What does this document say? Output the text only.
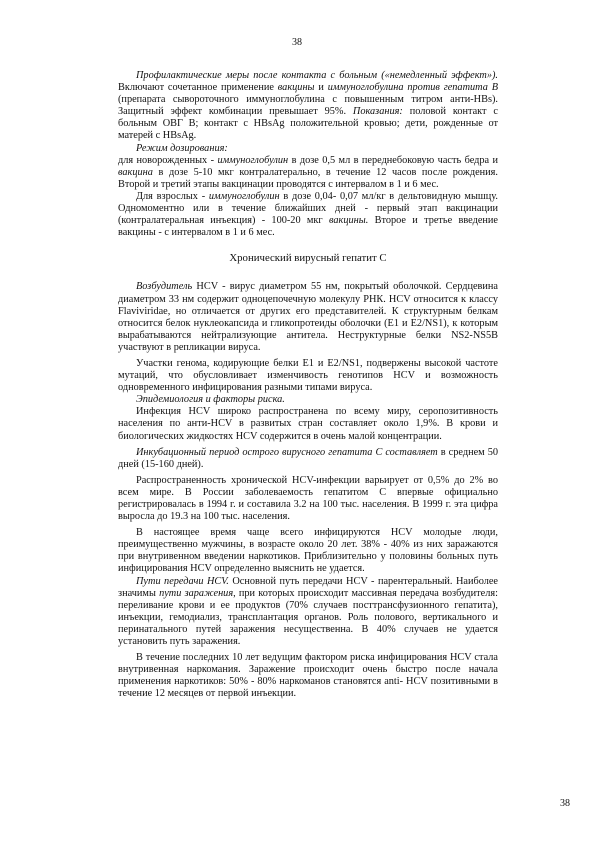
38

Профилактические меры после контакта с больным («немедленный эффект»). Включают сочетанное применение вакцины и иммуноглобулина против гепатита B (препарата сывороточного иммуноглобулина с повышенным титром анти-HBs). Защитный эффект комбинации превышает 95%. Показания: половой контакт с больным ОВГ В; контакт с HBsAg положительной кровью; дети, рожденные от матерей с HBsAg.

Режим дозирования:

для новорожденных - иммуноглобулин в дозе 0,5 мл в переднебоковую часть бедра и вакцина в дозе 5-10 мкг контралатерально, в течение 12 часов после рождения. Второй и третий этапы вакцинации проводятся с интервалом в 1 и 6 мес.

Для взрослых - иммуноглобулин в дозе 0,04- 0,07 мл/кг в дельтовидную мышцу. Одномоментно или в течение ближайших дней - первый этап вакцинации (контралатеральная инъекция) - 100-20 мкг вакцины. Второе и третье введение вакцины - с интервалом в 1 и 6 мес.

Хронический вирусный гепатит С

Возбудитель HCV - вирус диаметром 55 нм, покрытый оболочкой. Сердцевина диаметром 33 нм содержит одноцепочечную молекулу РНК. HCV относится к классу Flaviviridae, но отличается от других его представителей. К структурным белкам относится белок нуклеокапсида и гликопротеиды оболочки (E1 и E2/NS1), к которым вырабатываются нейтрализующие антитела. Неструктурные белки NS2-NS5B участвуют в репликации вируса.

Участки генома, кодирующие белки E1 и E2/NS1, подвержены высокой частоте мутаций, что обусловливает изменчивость генотипов HCV и возможность одновременного инфицирования разными типами вируса.

Эпидемиология и факторы риска.

Инфекция HCV широко распространена по всему миру, серопозитивность населения по анти-HCV в развитых стран составляет около 1,9%. В крови и биологических жидкостях HCV содержится в очень малой концентрации.

Инкубационный период острого вирусного гепатита С составляет в среднем 50 дней (15-160 дней).

Распространенность хронической HCV-инфекции варьирует от 0,5% до 2% во всем мире. В России заболеваемость гепатитом С впервые официально регистрировалась в 1994 г. и составила 3.2 на 100 тыс. населения. В 1999 г. эта цифра выросла до 19.3 на 100 тыс. населения.

В настоящее время чаще всего инфицируются HCV молодые люди, преимущественно мужчины, в возрасте около 20 лет. 38% - 40% из них заражаются при внутривенном введении наркотиков. Приблизительно у половины больных путь инфицирования HCV определенно выяснить не удается.

Пути передачи HCV. Основной путь передачи HCV - парентеральный. Наиболее значимы пути заражения, при которых происходит массивная передача возбудителя: переливание крови и ее продуктов (70% случаев посттрансфузионного гепатита), инъекции, гемодиализ, трансплантация органов. Роль полового, вертикального и перинатального путей заражения несущественна. В 40% случаев не удается установить путь заражения.

В течение последних 10 лет ведущим фактором риска инфицирования HCV стала внутривенная наркомания. Заражение происходит очень быстро после начала применения наркотиков: 50% - 80% наркоманов становятся anti- HCV позитивными в течение 12 месяцев от первой инъекции.

38
